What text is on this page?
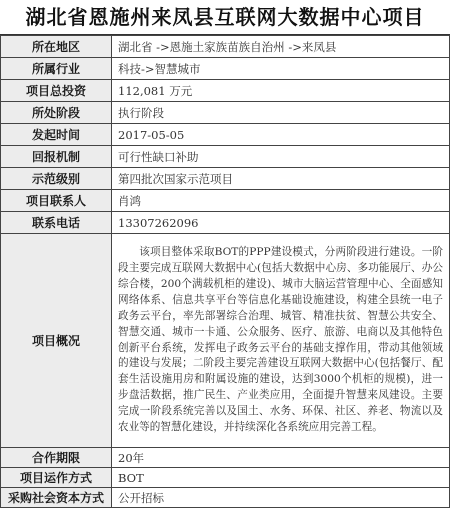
湖北省恩施州来凤县互联网大数据中心项目
所在地区	湖北省 ->恩施土家族苗族自治州 ->来凤县
所属行业	科技->智慧城市
项目总投资	112,081 万元
所处阶段	执行阶段
发起时间	2017-05-05
回报机制	可行性缺口补助
示范级别	第四批次国家示范项目
项目联系人	肖鸿
联系电话	13307262096
项目概况	该项目整体采取BOT的PPP建设模式，分两阶段进行建设。一阶段主要完成互联网大数据中心(包括大数据中心房、多功能展厅、办公综合楼，200个满载机柜的建设)、城市大脑运营管理中心、全面感知网络体系、信息共享平台等信息化基础设施建设，构建全县统一电子政务云平台，率先部署综合治理、城管、精准扶贫、智慧公共安全、智慧交通、城市一卡通、公众服务、医疗、旅游、电商以及其他特色创新平台系统，发挥电子政务云平台的基础支撑作用，带动其他领域的建设与发展；二阶段主要完善建设互联网大数据中心(包括餐厅、配套生活设施用房和附属设施的建设，达到3000个机柜的规模)，进一步盘活数据，推广民生、产业类应用，全面提升智慧来凤建设。主要完成一阶段系统完善以及国土、水务、环保、社区、养老、物流以及农业等的智慧化建设，并持续深化各系统应用完善工程。
合作期限	20年
项目运作方式	BOT
采购社会资本方式	公开招标
